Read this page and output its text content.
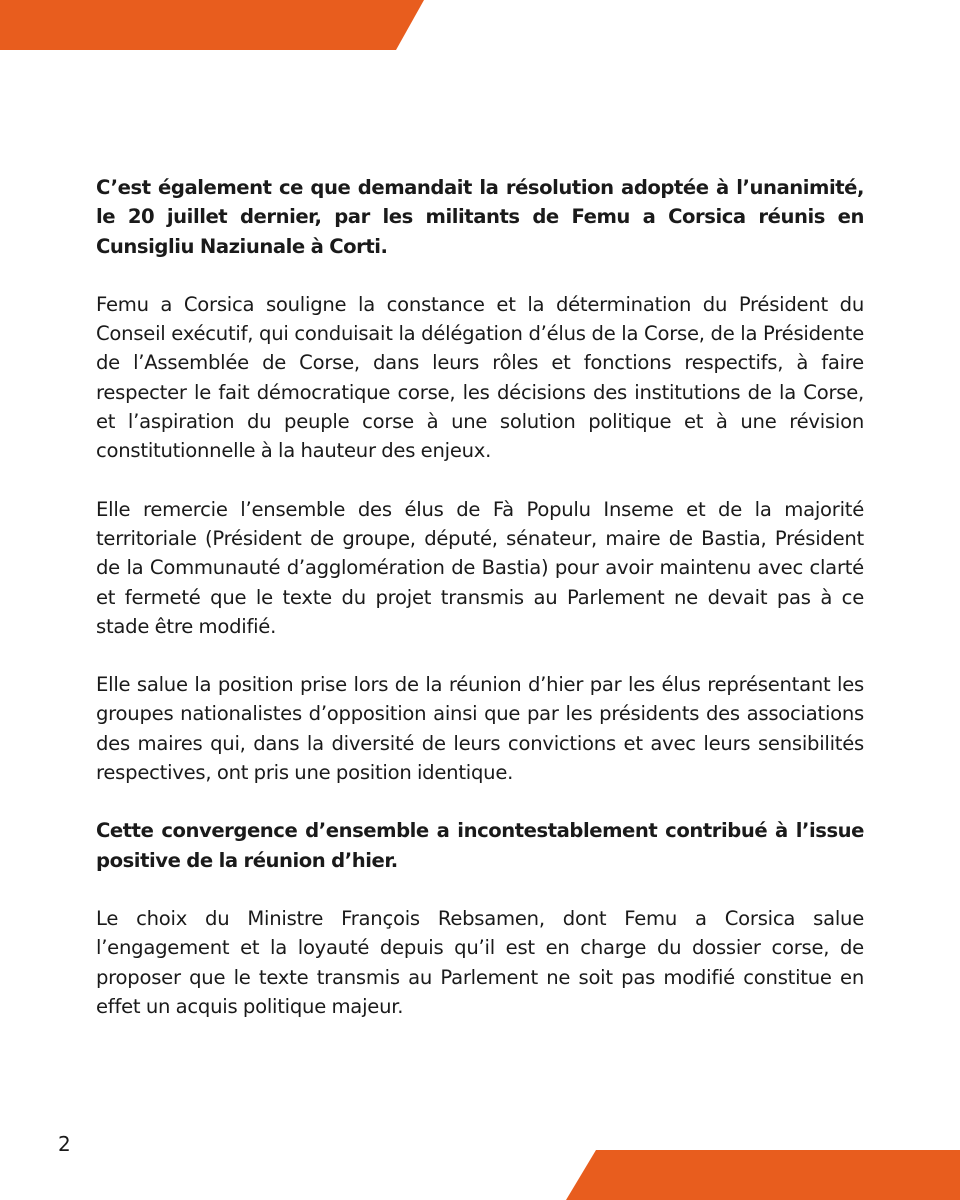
C’est également ce que demandait la résolution adoptée à l’unanimité, le 20 juillet dernier, par les militants de Femu a Corsica réunis en Cunsigliu Naziunale à Corti.

Femu a Corsica souligne la constance et la détermination du Président du Conseil exécutif, qui conduisait la délégation d’élus de la Corse, de la Présidente de l’Assemblée de Corse, dans leurs rôles et fonctions respectifs, à faire respecter le fait démocratique corse, les décisions des institutions de la Corse, et l’aspiration du peuple corse à une solution politique et à une révision constitutionnelle à la hauteur des enjeux.

Elle remercie l’ensemble des élus de Fà Populu Inseme et de la majorité territoriale (Président de groupe, député, sénateur, maire de Bastia, Président de la Communauté d’agglomération de Bastia) pour avoir maintenu avec clarté et fermeté que le texte du projet transmis au Parlement ne devait pas à ce stade être modifié.

Elle salue la position prise lors de la réunion d’hier par les élus représentant les groupes nationalistes d’opposition ainsi que par les présidents des associations des maires qui, dans la diversité de leurs convictions et avec leurs sensibilités respectives, ont pris une position identique.

Cette convergence d’ensemble a incontestablement contribué à l’issue positive de la réunion d’hier.

Le choix du Ministre François Rebsamen, dont Femu a Corsica salue l’engagement et la loyauté depuis qu’il est en charge du dossier corse, de proposer que le texte transmis au Parlement ne soit pas modifié constitue en effet un acquis politique majeur.

2
